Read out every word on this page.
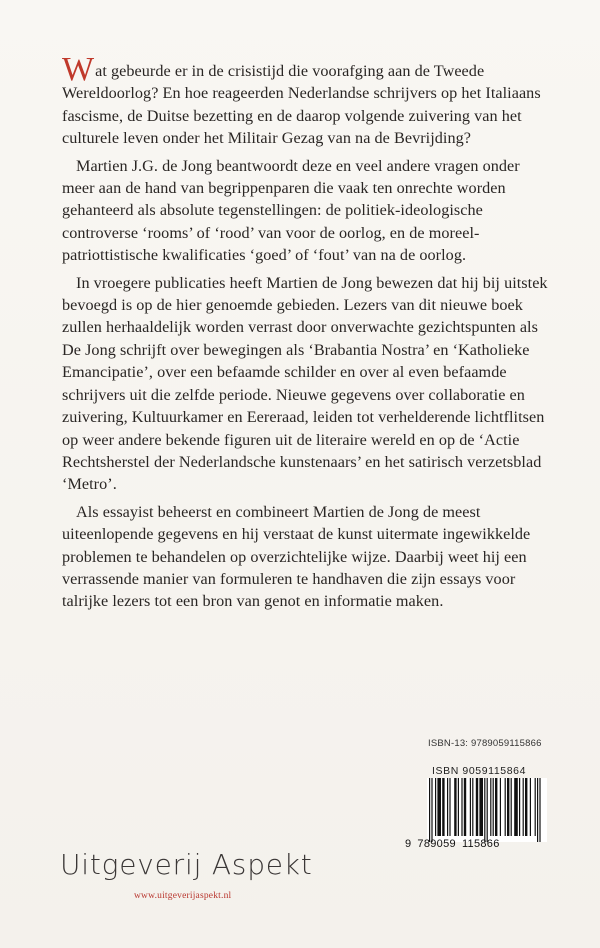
Wat gebeurde er in de crisistijd die voorafging aan de Tweede Wereldoorlog? En hoe reageerden Nederlandse schrijvers op het Italiaans fascisme, de Duitse bezetting en de daarop volgende zuivering van het culturele leven onder het Militair Gezag van na de Bevrijding?

Martien J.G. de Jong beantwoordt deze en veel andere vragen onder meer aan de hand van begrippenparen die vaak ten onrechte worden gehanteerd als absolute tegenstellingen: de politiek-ideologische controverse ‘rooms’ of ‘rood’ van voor de oorlog, en de moreel-patriottistische kwalificaties ‘goed’ of ‘fout’ van na de oorlog.

In vroegere publicaties heeft Martien de Jong bewezen dat hij bij uitstek bevoegd is op de hier genoemde gebieden. Lezers van dit nieuwe boek zullen herhaaldelijk worden verrast door onverwachte gezichtspunten als De Jong schrijft over bewegingen als ‘Brabantia Nostra’ en ‘Katholieke Emancipatie’, over een befaamde schilder en over al even befaamde schrijvers uit die zelfde periode. Nieuwe gegevens over collaboratie en zuivering, Kultuurkamer en Eereraad, leiden tot verhelderende lichtflitsen op weer andere bekende figuren uit de literaire wereld en op de ‘Actie Rechtsherstel der Nederlandsche kunstenaars’ en het satirisch verzetsblad ‘Metro’.

Als essayist beheerst en combineert Martien de Jong de meest uiteenlopende gegevens en hij verstaat de kunst uitermate ingewikkelde problemen te behandelen op overzichtelijke wijze. Daarbij weet hij een verrassende manier van formuleren te handhaven die zijn essays voor talrijke lezers tot een bron van genot en informatie maken.

ISBN-13: 9789059115866
ISBN 9059115864
9 789059 115866
Uitgeverij Aspekt
www.uitgeverijaspekt.nl
